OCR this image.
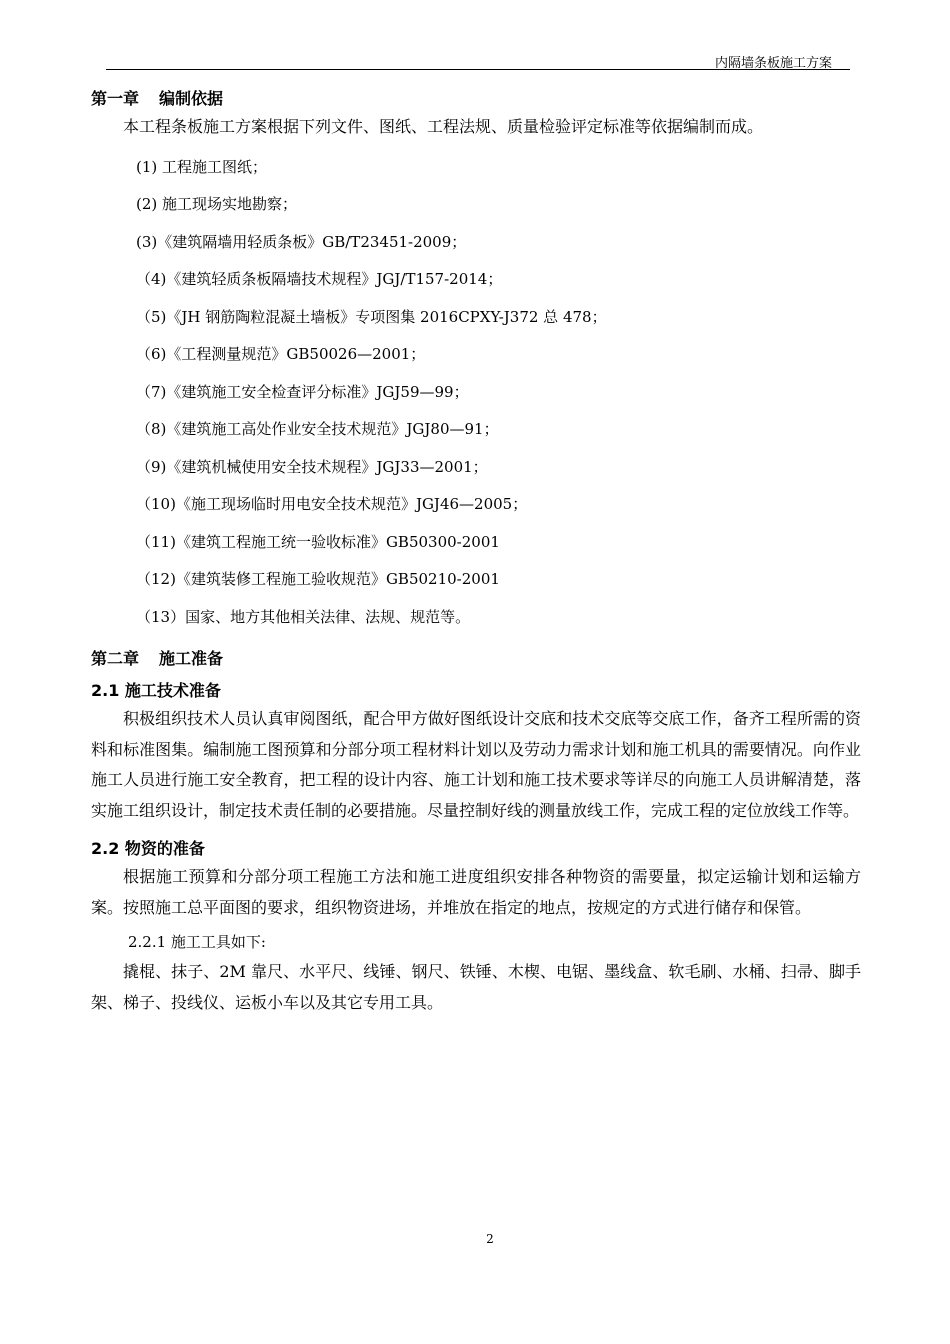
内隔墙条板施工方案
第一章 编制依据

本工程条板施工方案根据下列文件、图纸、工程法规、质量检验评定标准等依据编制而成。

(1) 工程施工图纸；
(2) 施工现场实地勘察；
(3)《建筑隔墙用轻质条板》GB/T23451-2009；
（4)《建筑轻质条板隔墙技术规程》JGJ/T157-2014；
（5)《JH 钢筋陶粒混凝土墙板》专项图集 2016CPXY-J372 总 478；
（6)《工程测量规范》GB50026—2001；
（7)《建筑施工安全检查评分标准》JGJ59—99；
（8)《建筑施工高处作业安全技术规范》JGJ80—91；
（9)《建筑机械使用安全技术规程》JGJ33—2001；
（10)《施工现场临时用电安全技术规范》JGJ46—2005；
（11)《建筑工程施工统一验收标准》GB50300-2001
（12)《建筑装修工程施工验收规范》GB50210-2001
（13）国家、地方其他相关法律、法规、规范等。
第二章 施工准备
2.1 施工技术准备

积极组织技术人员认真审阅图纸，配合甲方做好图纸设计交底和技术交底等交底工作，备齐工程所需的资料和标准图集。编制施工图预算和分部分项工程材料计划以及劳动力需求计划和施工机具的需要情况。向作业施工人员进行施工安全教育，把工程的设计内容、施工计划和施工技术要求等详尽的向施工人员讲解清楚，落实施工组织设计，制定技术责任制的必要措施。尽量控制好线的测量放线工作，完成工程的定位放线工作等。

2.2 物资的准备

根据施工预算和分部分项工程施工方法和施工进度组织安排各种物资的需要量，拟定运输计划和运输方案。按照施工总平面图的要求，组织物资进场，并堆放在指定的地点，按规定的方式进行储存和保管。

2.2.1 施工工具如下:

撬棍、抹子、2M 靠尺、水平尺、线锤、钢尺、铁锤、木楔、电锯、墨线盒、软毛刷、水桶、扫帚、脚手架、梯子、投线仪、运板小车以及其它专用工具。

2
